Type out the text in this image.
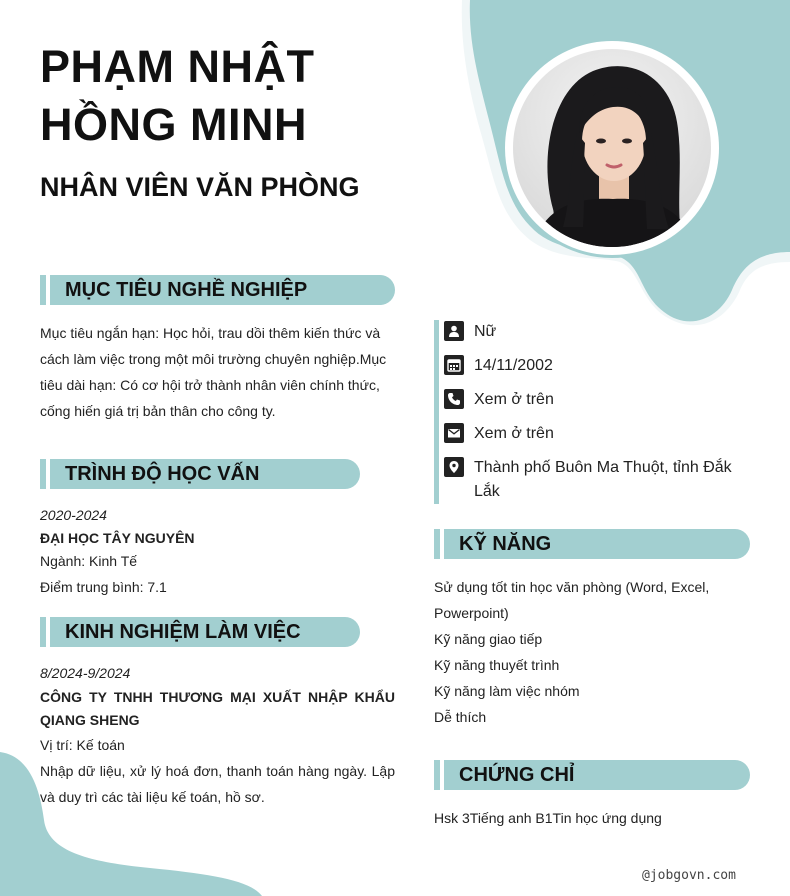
PHẠM NHẬT
HỒNG MINH
NHÂN VIÊN VĂN PHÒNG
MỤC TIÊU NGHỀ NGHIỆP
Mục tiêu ngắn hạn: Học hỏi, trau dồi thêm kiến thức và
cách làm việc trong một môi trường chuyên nghiệp.Mục
tiêu dài hạn: Có cơ hội trở thành nhân viên chính thức,
cống hiến giá trị bản thân cho công ty.
TRÌNH ĐỘ HỌC VẤN
2020-2024
ĐẠI HỌC TÂY NGUYÊN
Ngành: Kinh Tế
Điểm trung bình: 7.1
KINH NGHIỆM LÀM VIỆC
8/2024-9/2024
CÔNG TY TNHH THƯƠNG MẠI XUẤT NHẬP KHẨU
QIANG SHENG
Vị trí: Kế toán
Nhập dữ liệu, xử lý hoá đơn, thanh toán hàng ngày. Lập
và duy trì các tài liệu kế toán, hồ sơ.
Nữ
14/11/2002
Xem ở trên
Xem ở trên
Thành phố Buôn Ma Thuột, tỉnh Đắk Lắk
KỸ NĂNG
Sử dụng tốt tin học văn phòng (Word, Excel,
Powerpoint)
Kỹ năng giao tiếp
Kỹ năng thuyết trình
Kỹ năng làm việc nhóm
Dễ thích
CHỨNG CHỈ
Hsk 3Tiếng anh B1Tin học ứng dụng
@jobgovn.com
